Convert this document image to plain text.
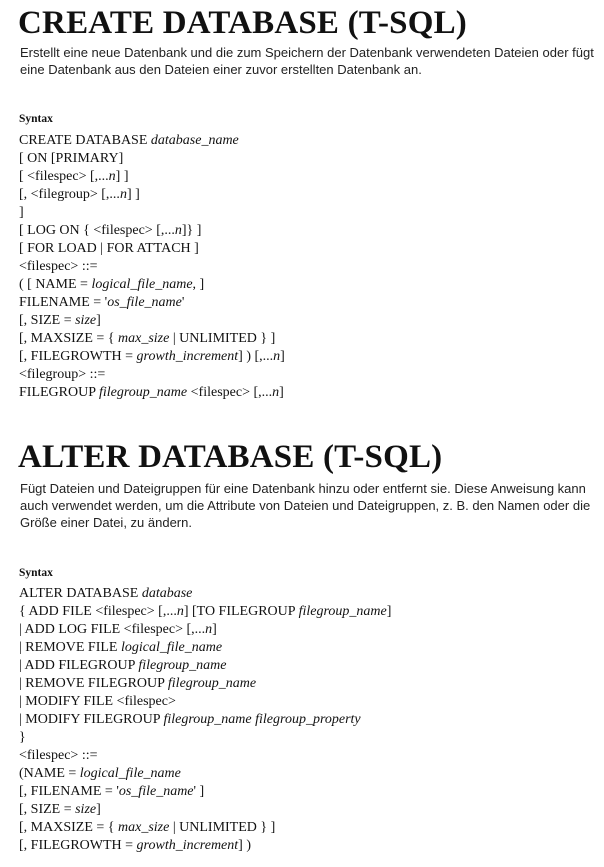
CREATE DATABASE (T-SQL)

Erstellt eine neue Datenbank und die zum Speichern der Datenbank verwendeten Dateien oder fügt eine Datenbank aus den Dateien einer zuvor erstellten Datenbank an.

Syntax

CREATE DATABASE database_name
[ ON [PRIMARY]
[ <filespec> [,...n] ]
[, <filegroup> [,...n] ]
]
[ LOG ON { <filespec> [,...n]} ]
[ FOR LOAD | FOR ATTACH ]
<filespec> ::=
( [ NAME = logical_file_name, ]
FILENAME = 'os_file_name'
[, SIZE = size]
[, MAXSIZE = { max_size | UNLIMITED } ]
[, FILEGROWTH = growth_increment] ) [,...n]
<filegroup> ::=
FILEGROUP filegroup_name <filespec> [,...n]
ALTER DATABASE (T-SQL)

Fügt Dateien und Dateigruppen für eine Datenbank hinzu oder entfernt sie. Diese Anweisung kann auch verwendet werden, um die Attribute von Dateien und Dateigruppen, z. B. den Namen oder die Größe einer Datei, zu ändern.

Syntax

ALTER DATABASE database
{ ADD FILE <filespec> [,...n] [TO FILEGROUP filegroup_name]
| ADD LOG FILE <filespec> [,...n]
| REMOVE FILE logical_file_name
| ADD FILEGROUP filegroup_name
| REMOVE FILEGROUP filegroup_name
| MODIFY FILE <filespec>
| MODIFY FILEGROUP filegroup_name filegroup_property
}
<filespec> ::=
(NAME = logical_file_name
[, FILENAME = 'os_file_name' ]
[, SIZE = size]
[, MAXSIZE = { max_size | UNLIMITED } ]
[, FILEGROWTH = growth_increment] )
